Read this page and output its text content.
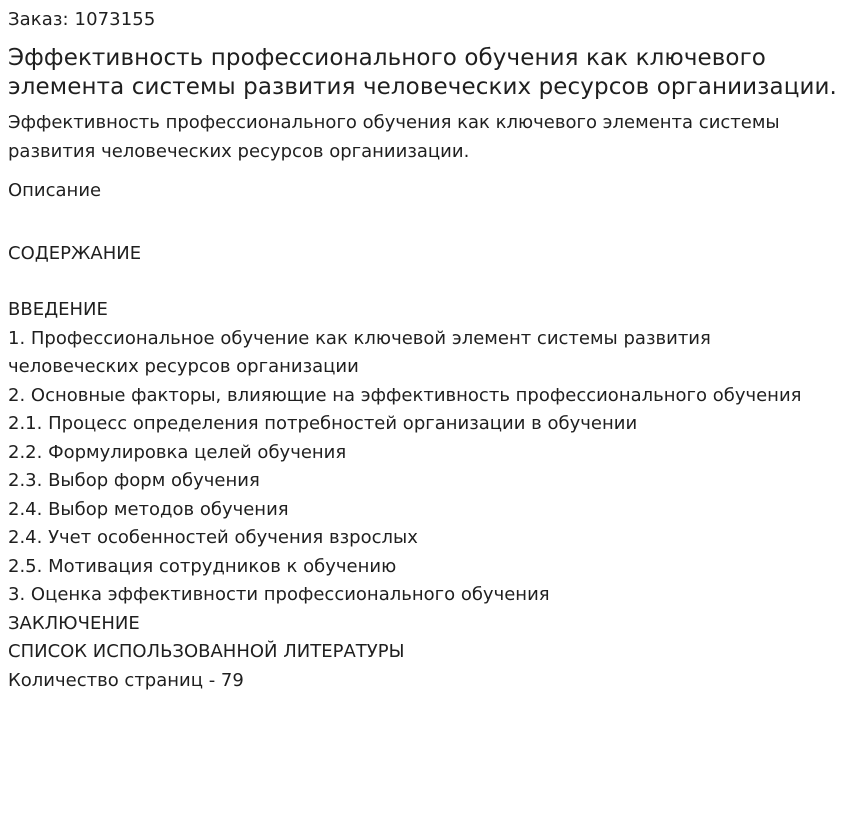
Заказ: 1073155

Эффективность профессионального обучения как ключевого элемента системы развития человеческих ресурсов органиизации.

Эффективность профессионального обучения как ключевого элемента системы развития человеческих ресурсов органиизации.

Описание

СОДЕРЖАНИЕ

ВВЕДЕНИЕ
1. Профессиональное обучение как ключевой элемент системы развития человеческих ресурсов организации
2. Основные факторы, влияющие на эффективность профессионального обучения
2.1. Процесс определения потребностей организации в обучении
2.2. Формулировка целей обучения
2.3. Выбор форм обучения
2.4. Выбор методов обучения
2.4. Учет особенностей обучения взрослых
2.5. Мотивация сотрудников к обучению
3. Оценка эффективности профессионального обучения
ЗАКЛЮЧЕНИЕ
СПИСОК ИСПОЛЬЗОВАННОЙ ЛИТЕРАТУРЫ
Количество страниц - 79
